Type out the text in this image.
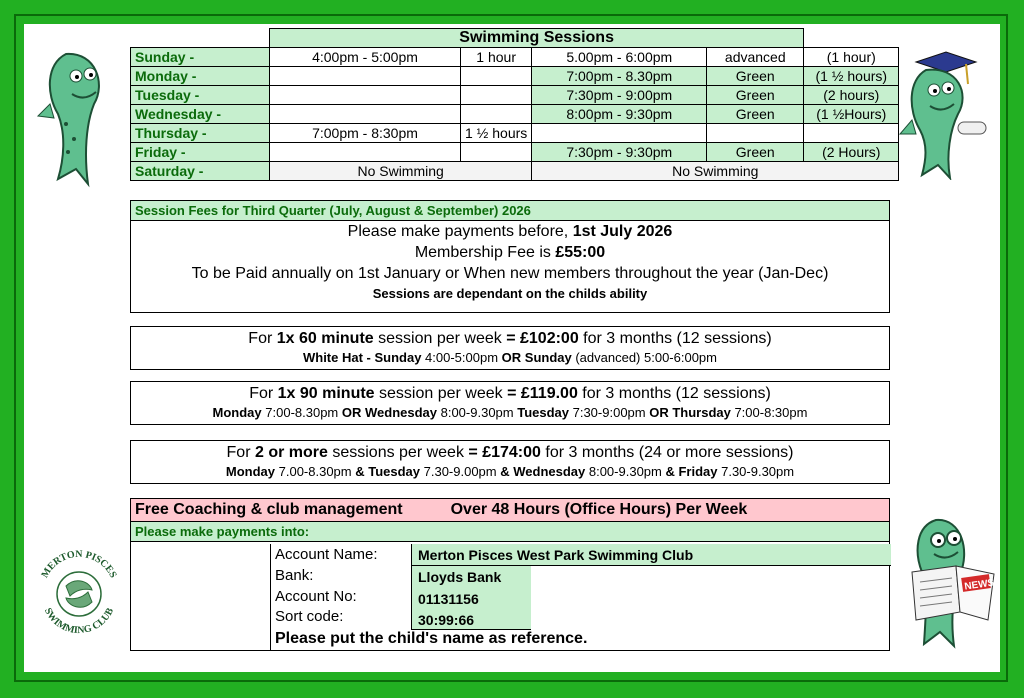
	Swimming Sessions				
Sunday -	4:00pm - 5:00pm	1 hour	5.00pm - 6:00pm	advanced	(1 hour)
Monday -			7:00pm - 8.30pm	Green	(1 ½ hours)
Tuesday -			7:30pm - 9:00pm	Green	(2 hours)
Wednesday -			8:00pm - 9:30pm	Green	(1 ½Hours)
Thursday -	7:00pm - 8:30pm	1 ½ hours			
Friday -			7:30pm - 9:30pm	Green	(2 Hours)
Saturday -	No Swimming		No Swimming		
Session Fees for Third Quarter (July, August & September) 2026
Please make payments before, 1st July 2026
Membership Fee is £55:00
To be Paid annually on 1st January or When new members throughout the year (Jan-Dec)
Sessions are dependant on the childs ability
For 1x 60 minute session per week = £102:00 for 3 months (12 sessions)
White Hat - Sunday 4:00-5:00pm OR Sunday (advanced) 5:00-6:00pm
For 1x 90 minute session per week = £119.00 for 3 months (12 sessions)
Monday 7:00-8.30pm OR Wednesday 8:00-9.30pm Tuesday 7:30-9:00pm OR Thursday 7:00-8:30pm
For 2 or more sessions per week = £174:00 for 3 months (24 or more sessions)
Monday 7.00-8.30pm & Tuesday 7.30-9.00pm & Wednesday 8:00-9.30pm & Friday 7.30-9.30pm
Free Coaching & club management	Over 48 Hours (Office Hours) Per Week
Please make payments into:
Account Name:	Merton Pisces West Park Swimming Club
Bank:	Lloyds Bank
Account No:	01131156
Sort code:	30:99:66
Please put the child's name as reference.
MERTON PISCES
SWIMMING CLUB
NEWS
